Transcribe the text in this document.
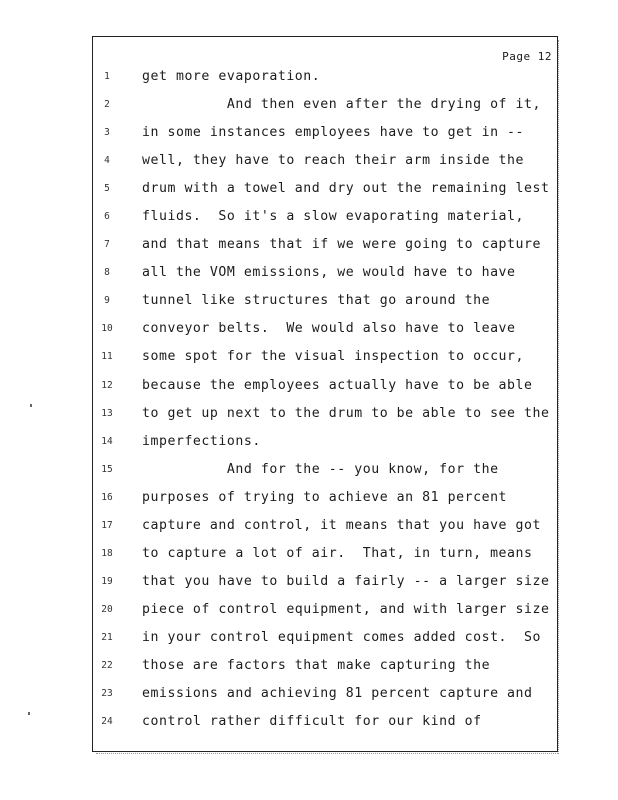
Page 12
1	get more evaporation.
2	And then even after the drying of it,
3	in some instances employees have to get in --
4	well, they have to reach their arm inside the
5	drum with a towel and dry out the remaining lest
6	fluids.  So it's a slow evaporating material,
7	and that means that if we were going to capture
8	all the VOM emissions, we would have to have
9	tunnel like structures that go around the
10	conveyor belts.  We would also have to leave
11	some spot for the visual inspection to occur,
12	because the employees actually have to be able
13	to get up next to the drum to be able to see the
14	imperfections.
15	And for the -- you know, for the
16	purposes of trying to achieve an 81 percent
17	capture and control, it means that you have got
18	to capture a lot of air.  That, in turn, means
19	that you have to build a fairly -- a larger size
20	piece of control equipment, and with larger size
21	in your control equipment comes added cost.  So
22	those are factors that make capturing the
23	emissions and achieving 81 percent capture and
24	control rather difficult for our kind of
